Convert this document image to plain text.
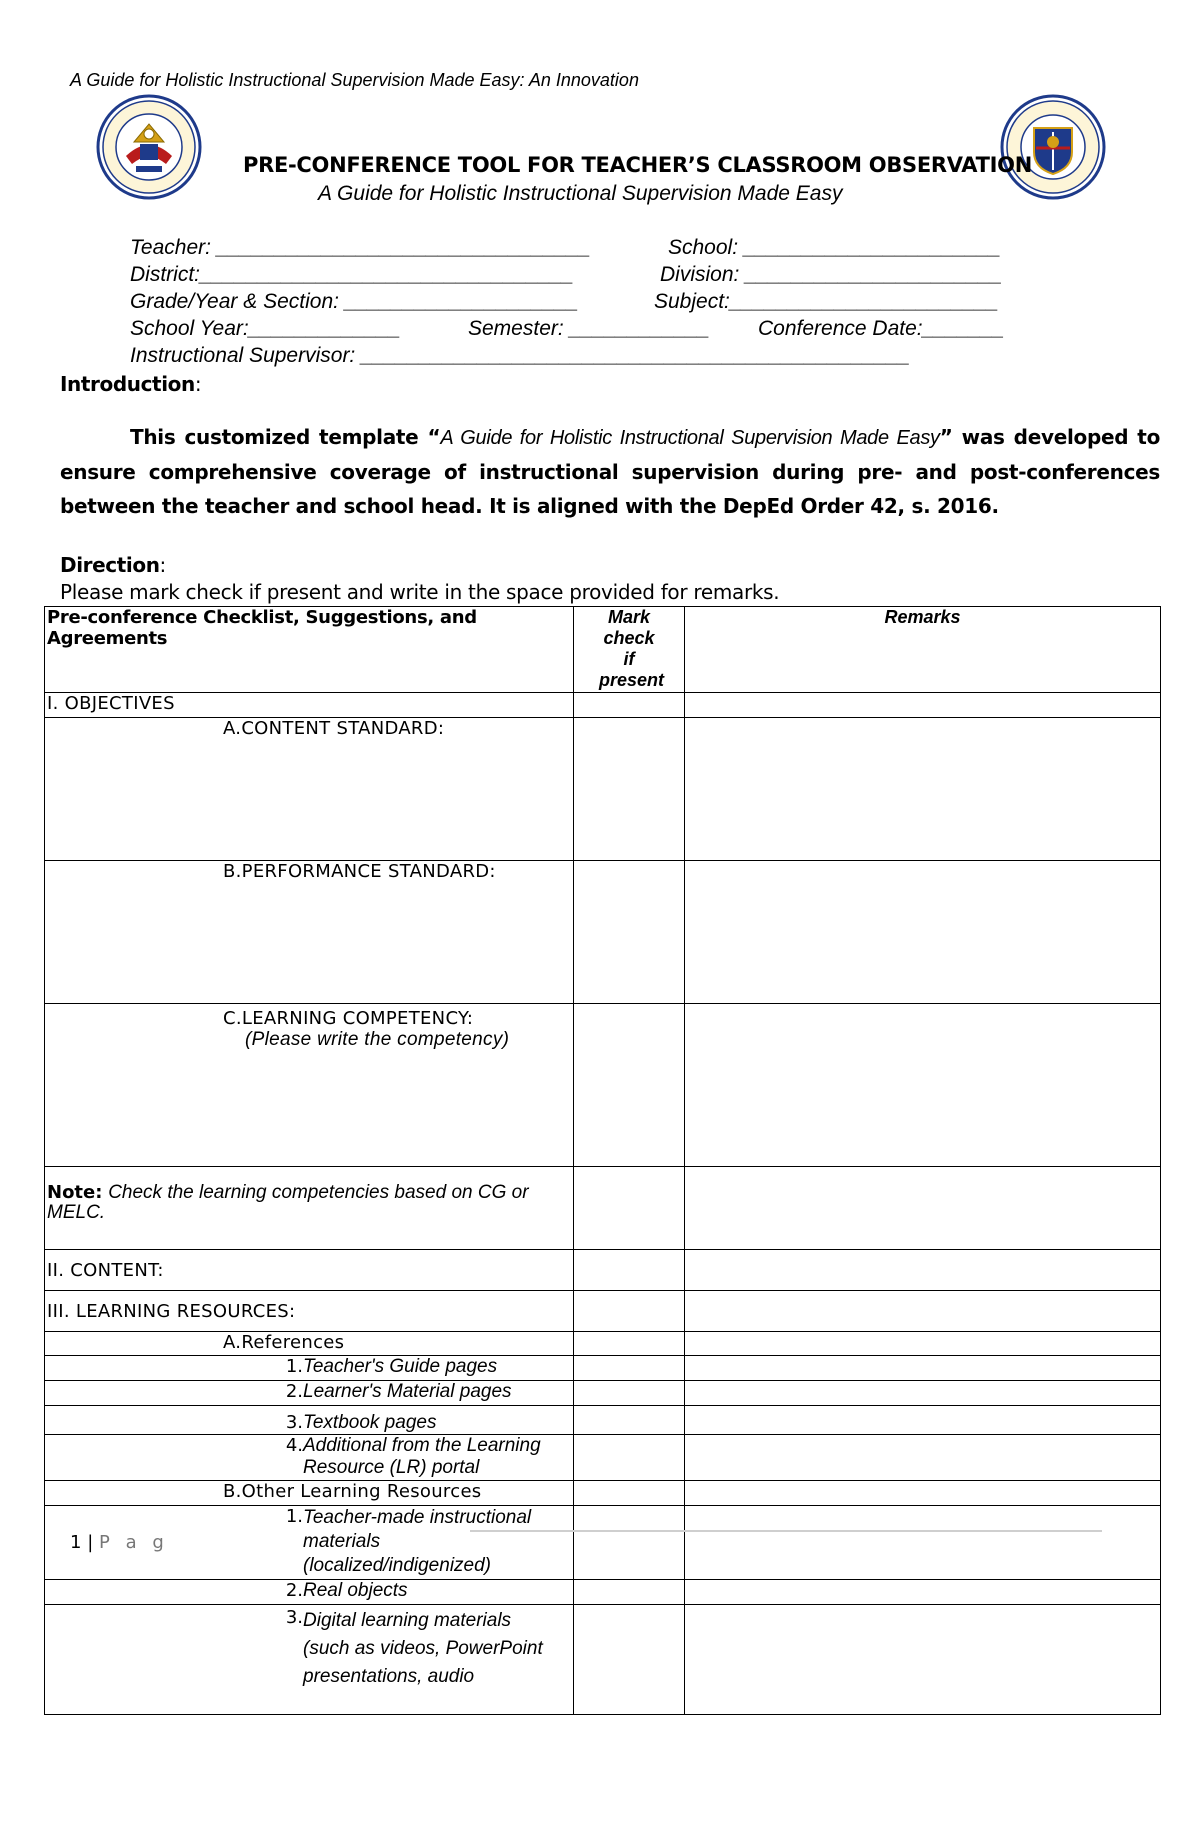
A Guide for Holistic Instructional Supervision Made Easy: An Innovation
PRE-CONFERENCE TOOL FOR TEACHER’S CLASSROOM OBSERVATION
A Guide for Holistic Instructional Supervision Made Easy
Teacher: ________________________________	School: ______________________
District:________________________________	Division: ______________________
Grade/Year & Section: ____________________	Subject:_______________________
School Year:_____________	Semester: ____________ Conference Date:_______
Instructional Supervisor: _______________________________________________
Introduction:
This customized template “A Guide for Holistic Instructional Supervision Made Easy” was developed to ensure comprehensive coverage of instructional supervision during pre- and post-conferences between the teacher and school head. It is aligned with the DepEd Order 42, s. 2016.
Direction:
Please mark check if present and write in the space provided for remarks.
Pre-conference Checklist, Suggestions, and Agreements	Mark check if present	Remarks
I. OBJECTIVES		
A.CONTENT STANDARD:		
B.PERFORMANCE STANDARD:		

C.LEARNING COMPETENCY:
(Please write the competency)		

Note: Check the learning competencies based on CG or MELC.		
II. CONTENT:		
III. LEARNING RESOURCES:		
A.References		
1.Teacher's Guide pages		
2.Learner's Material pages		
3.Textbook pages		
4.Additional from the Learning Resource (LR) portal		
B.Other Learning Resources		
1.Teacher-made instructional materials (localized/indigenized)		
2.Real objects		
3.Digital learning materials (such as videos, PowerPoint presentations, audio		
1 | P a g
